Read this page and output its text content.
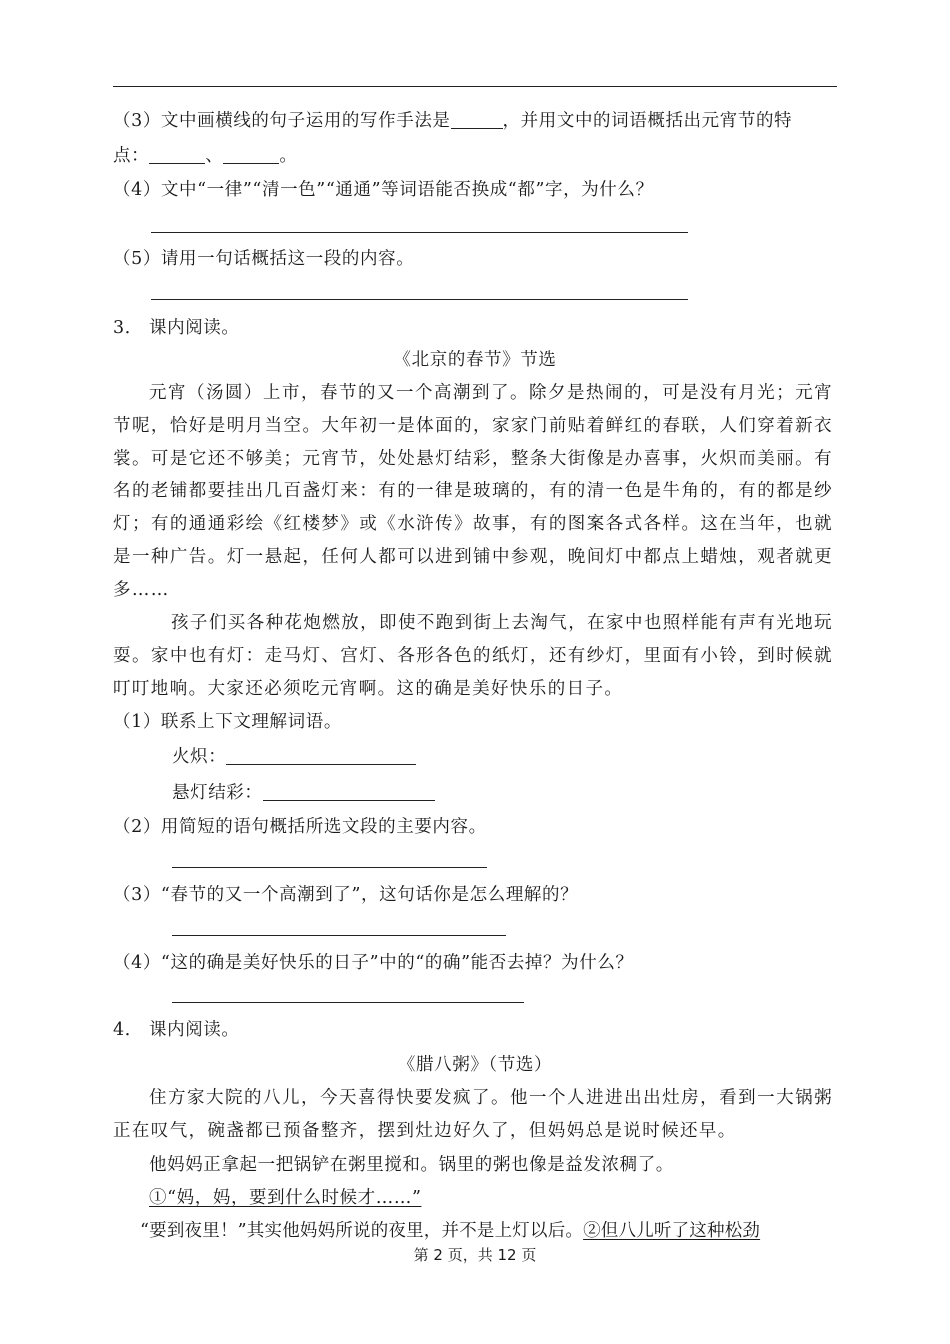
（3）文中画横线的句子运用的写作手法是	，并用文中的词语概括出元宵节的特
点：	、	。
（4）文中“一律”“清一色”“通通”等词语能否换成“都”字，为什么？
（5）请用一句话概括这一段的内容。
3． 课内阅读。
《北京的春节》节选
元宵（汤圆）上市，春节的又一个高潮到了。除夕是热闹的，可是没有月光；元宵节呢，恰好是明月当空。大年初一是体面的，家家门前贴着鲜红的春联，人们穿着新衣裳。可是它还不够美；元宵节，处处悬灯结彩，整条大街像是办喜事，火炽而美丽。有名的老铺都要挂出几百盏灯来：有的一律是玻璃的，有的清一色是牛角的，有的都是纱灯；有的通通彩绘《红楼梦》或《水浒传》故事，有的图案各式各样。这在当年，也就是一种广告。灯一悬起，任何人都可以进到铺中参观，晚间灯中都点上蜡烛，观者就更多……
孩子们买各种花炮燃放，即使不跑到街上去淘气，在家中也照样能有声有光地玩耍。家中也有灯：走马灯、宫灯、各形各色的纸灯，还有纱灯，里面有小铃，到时候就叮叮地响。大家还必须吃元宵啊。这的确是美好快乐的日子。
（1）联系上下文理解词语。
火炽：
悬灯结彩：
（2）用简短的语句概括所选文段的主要内容。
（3）“春节的又一个高潮到了”，这句话你是怎么理解的？
（4）“这的确是美好快乐的日子”中的“的确”能否去掉？为什么？
4． 课内阅读。
《腊八粥》（节选）
住方家大院的八儿，今天喜得快要发疯了。他一个人进进出出灶房，看到一大锅粥正在叹气，碗盏都已预备整齐，摆到灶边好久了，但妈妈总是说时候还早。
他妈妈正拿起一把锅铲在粥里搅和。锅里的粥也像是益发浓稠了。
①“妈，妈，要到什么时候才……”
“要到夜里！”其实他妈妈所说的夜里，并不是上灯以后。②但八儿听了这种松劲
第 2 页，共 12 页
